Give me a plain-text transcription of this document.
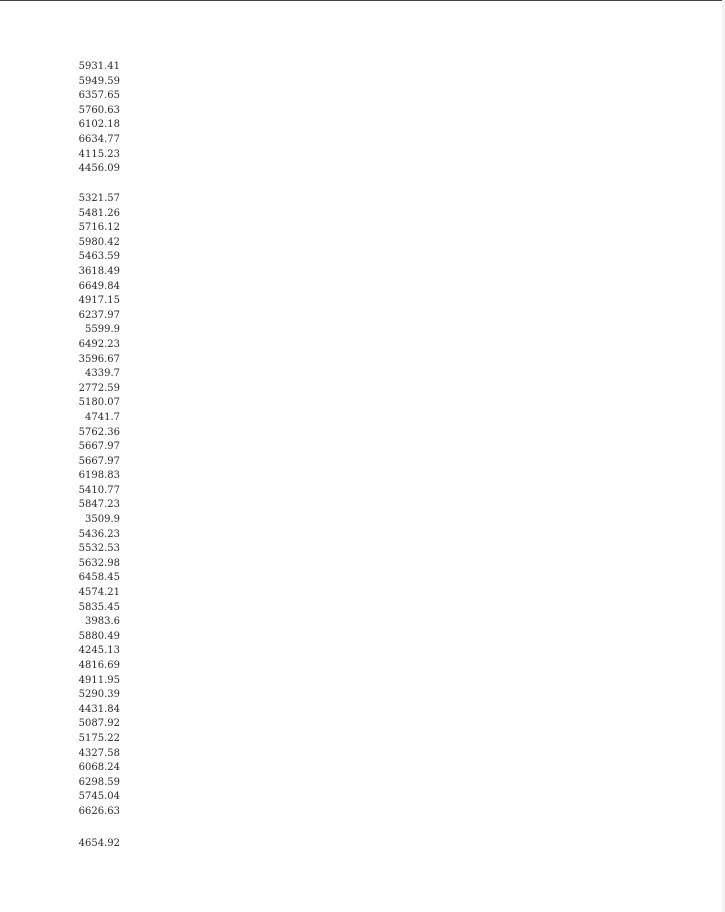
5931.41
5949.59
6357.65
5760.63
6102.18
6634.77
4115.23
4456.09
5321.57
5481.26
5716.12
5980.42
5463.59
3618.49
6649.84
4917.15
6237.97
5599.9
6492.23
3596.67
4339.7
2772.59
5180.07
4741.7
5762.36
5667.97
5667.97
6198.83
5410.77
5847.23
3509.9
5436.23
5532.53
5632.98
6458.45
4574.21
5835.45
3983.6
5880.49
4245.13
4816.69
4911.95
5290.39
4431.84
5087.92
5175.22
4327.58
6068.24
6298.59
5745.04
6626.63
4654.92
